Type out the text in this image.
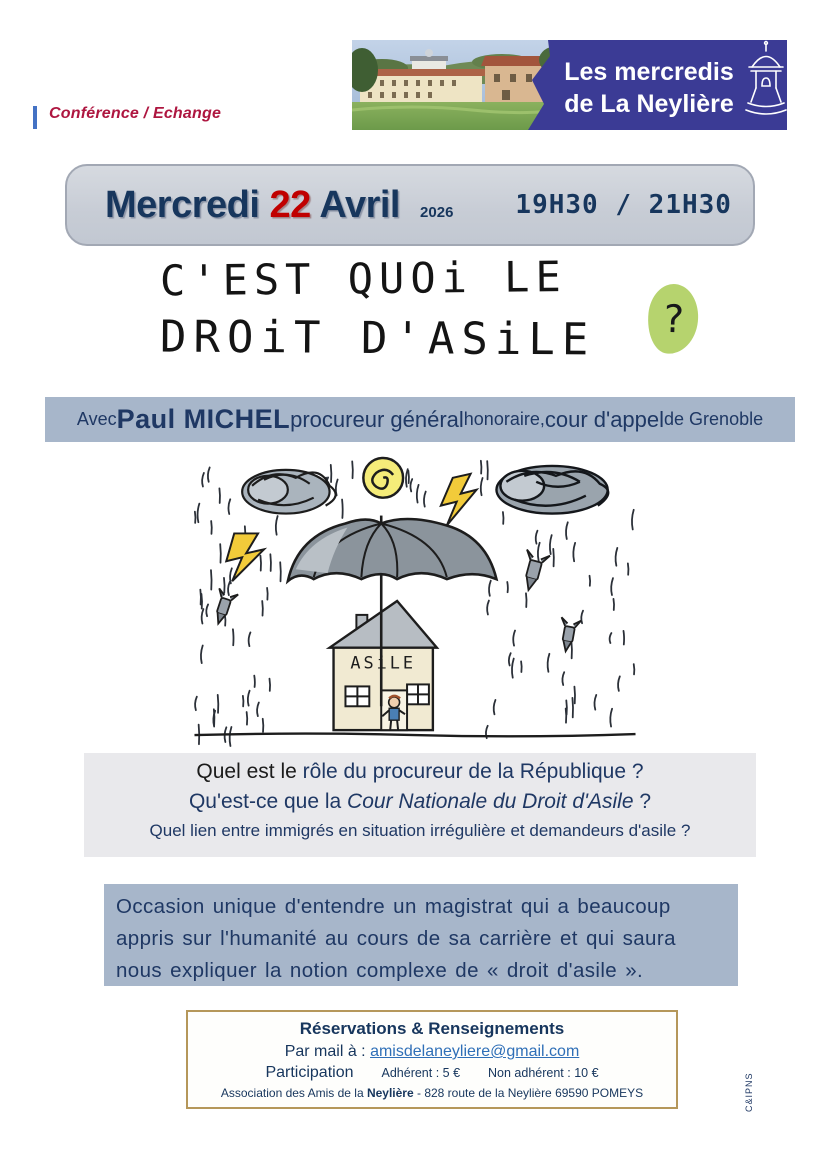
Les mercredis
de La Neylière
Conférence / Echange
Mercredi 22 Avril 2026 19H30 / 21H30
C'EST QUOi LE
DROiT D'ASiLE ?
Avec Paul MICHEL procureur général honoraire, cour d'appel de Grenoble
ASiLE
Quel est le rôle du procureur de la République ?
Qu'est-ce que la Cour Nationale du Droit d'Asile ?
Quel lien entre immigrés en situation irrégulière et demandeurs d'asile ?
Occasion unique d'entendre un magistrat qui a beaucoup
appris sur l'humanité au cours de sa carrière et qui saura
nous expliquer la notion complexe de « droit d'asile ».
Réservations & Renseignements
Par mail à : amisdelaneyliere@gmail.com
Participation Adhérent : 5 € Non adhérent : 10 €
Association des Amis de la Neylière - 828 route de la Neylière 69590 POMEYS	C&IPNS
